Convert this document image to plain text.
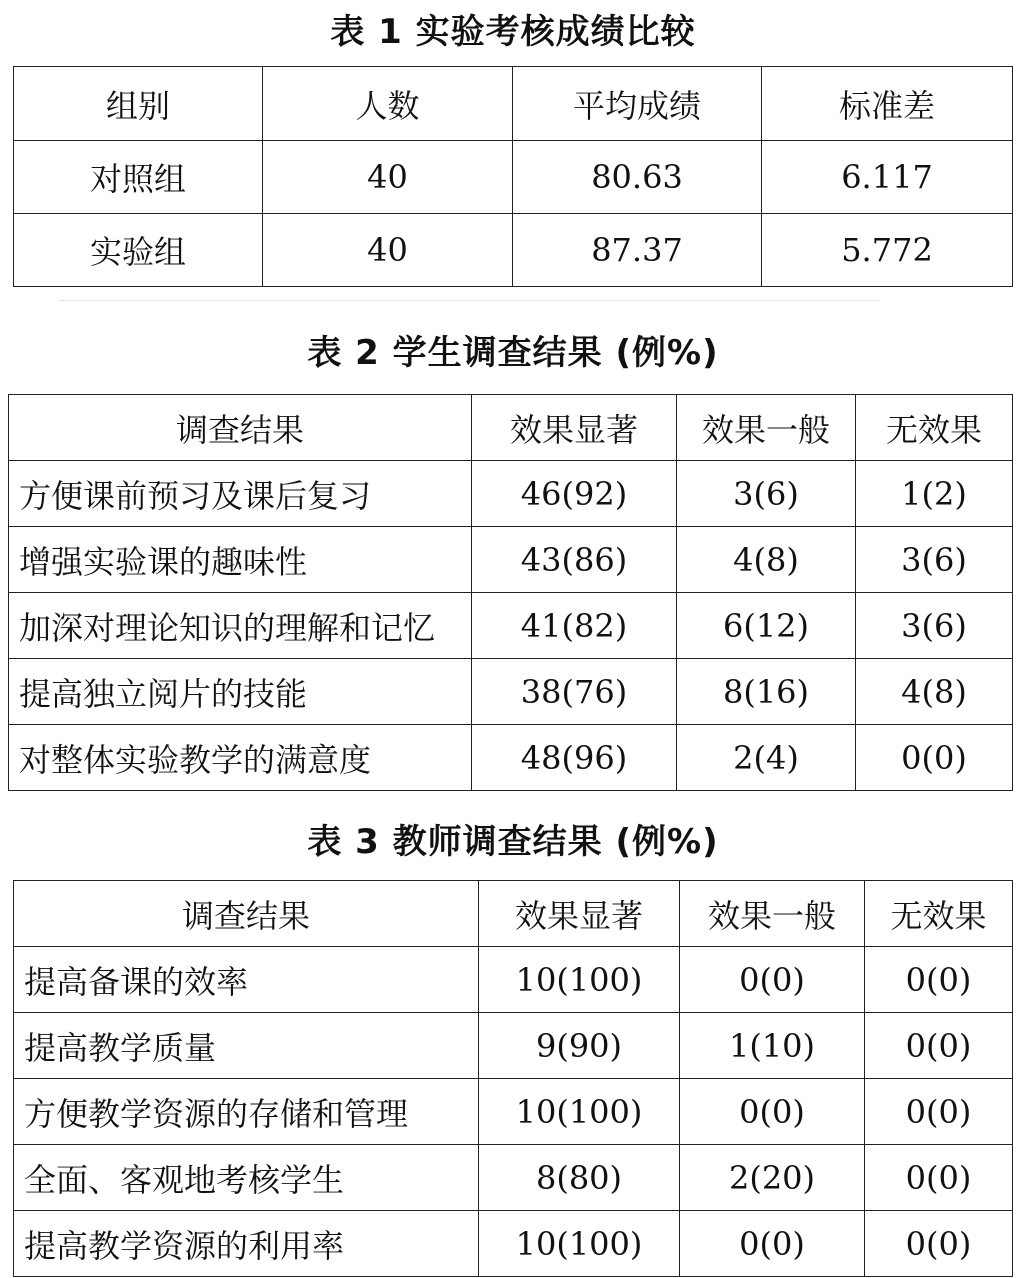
表 1 实验考核成绩比较
组别	人数	平均成绩	标准差
对照组	40	80.63	6.117
实验组	40	87.37	5.772
表 2 学生调查结果 (例%)
调查结果	效果显著	效果一般	无效果
方便课前预习及课后复习	46(92)	3(6)	1(2)
增强实验课的趣味性	43(86)	4(8)	3(6)
加深对理论知识的理解和记忆	41(82)	6(12)	3(6)
提高独立阅片的技能	38(76)	8(16)	4(8)
对整体实验教学的满意度	48(96)	2(4)	0(0)
表 3 教师调查结果 (例%)
调查结果	效果显著	效果一般	无效果
提高备课的效率	10(100)	0(0)	0(0)
提高教学质量	9(90)	1(10)	0(0)
方便教学资源的存储和管理	10(100)	0(0)	0(0)
全面、客观地考核学生	8(80)	2(20)	0(0)
提高教学资源的利用率	10(100)	0(0)	0(0)
